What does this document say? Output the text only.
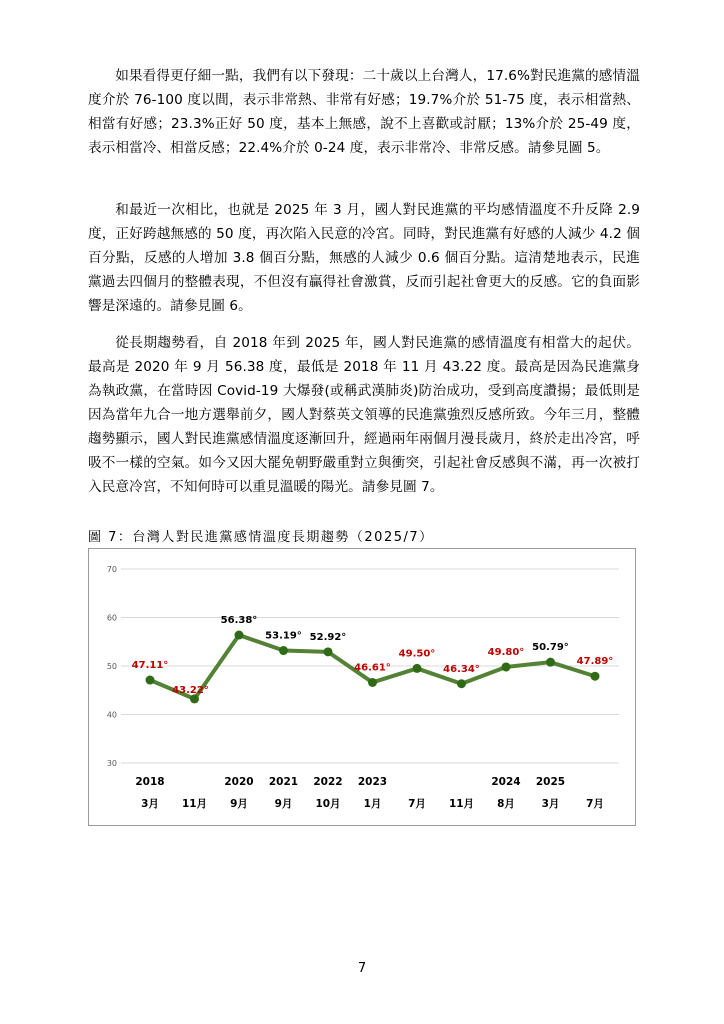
如果看得更仔細一點，我們有以下發現：二十歲以上台灣人，17.6%對民進黨的感情溫度介於 76-100 度以間，表示非常熱、非常有好感；19.7%介於 51-75 度，表示相當熱、相當有好感；23.3%正好 50 度，基本上無感，說不上喜歡或討厭；13%介於 25-49 度，表示相當冷、相當反感；22.4%介於 0-24 度，表示非常冷、非常反感。請參見圖 5。

和最近一次相比，也就是 2025 年 3 月，國人對民進黨的平均感情溫度不升反降 2.9 度，正好跨越無感的 50 度，再次陷入民意的冷宮。同時，對民進黨有好感的人減少 4.2 個百分點，反感的人增加 3.8 個百分點，無感的人減少 0.6 個百分點。這清楚地表示，民進黨過去四個月的整體表現，不但沒有贏得社會激賞，反而引起社會更大的反感。它的負面影響是深遠的。請參見圖 6。

從長期趨勢看，自 2018 年到 2025 年，國人對民進黨的感情溫度有相當大的起伏。最高是 2020 年 9 月 56.38 度，最低是 2018 年 11 月 43.22 度。最高是因為民進黨身為執政黨，在當時因 Covid-19 大爆發(或稱武漢肺炎)防治成功，受到高度讚揚；最低則是因為當年九合一地方選舉前夕，國人對蔡英文領導的民進黨強烈反感所致。今年三月，整體趨勢顯示，國人對民進黨感情溫度逐漸回升，經過兩年兩個月漫長歲月，終於走出冷宮，呼吸不一樣的空氣。如今又因大罷免朝野嚴重對立與衝突，引起社會反感與不滿，再一次被打入民意冷宮，不知何時可以重見溫暖的陽光。請參見圖 7。

圖 7：台灣人對民進黨感情溫度長期趨勢（2025/7）

30
40
50
60
70
47.11°
43.22°
56.38°
53.19° 52.92°
46.61°
49.50°
46.34°
49.80° 50.79°
47.89°
2018
3月 11月
2020
9月
2021
9月
2022
10月
2023
1月	7月 11月
2024
8月
2025
3月	7月
7
